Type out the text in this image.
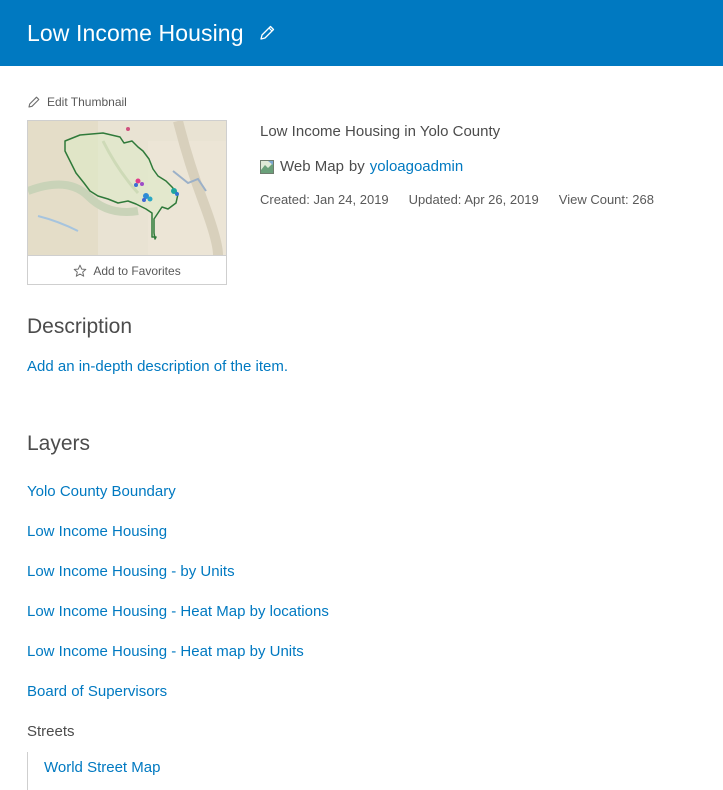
Low Income Housing
Edit Thumbnail
Add to Favorites
Low Income Housing in Yolo County
Web Map by yoloagoadmin
Created: Jan 24, 2019 Updated: Apr 26, 2019 View Count: 268
Description
Add an in-depth description of the item.
Layers
Yolo County Boundary
Low Income Housing
Low Income Housing - by Units
Low Income Housing - Heat Map by locations
Low Income Housing - Heat map by Units
Board of Supervisors
Streets
World Street Map
